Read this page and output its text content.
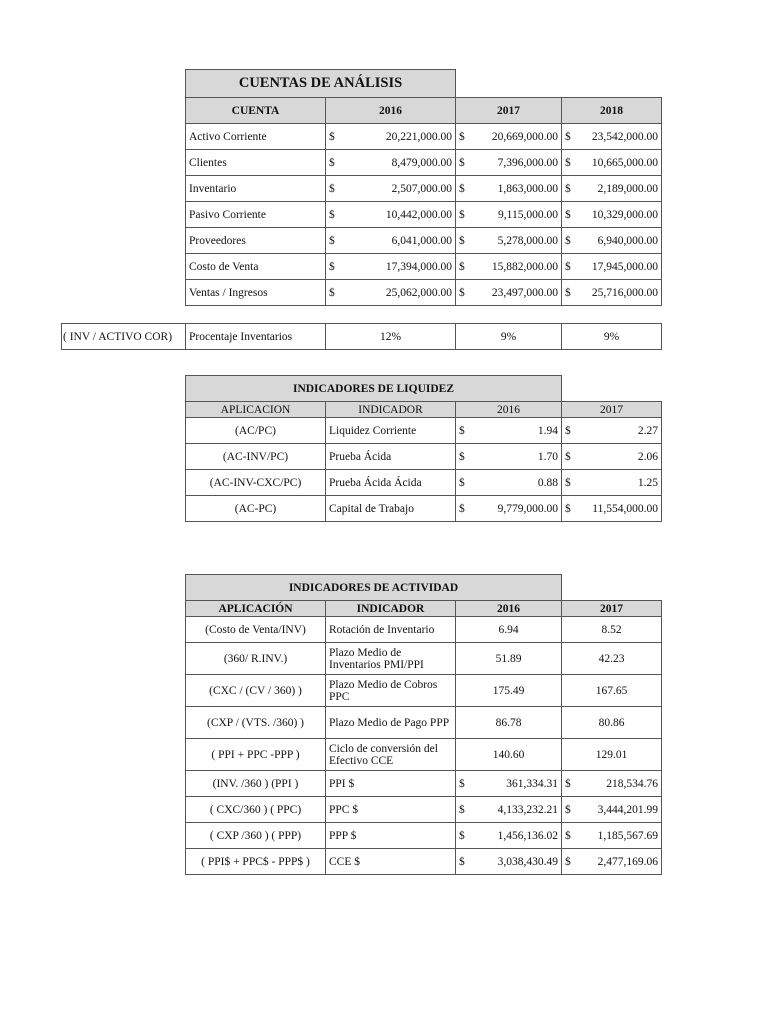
CUENTAS DE ANÁLISIS			
CUENTA	2016	2017	2018
Activo Corriente	$ 20,221,000.00	$ 20,669,000.00	$ 23,542,000.00

Clientes	$ 8,479,000.00	$ 7,396,000.00	$ 10,665,000.00

Inventario	$ 2,507,000.00	$ 1,863,000.00	$ 2,189,000.00

Pasivo Corriente	$ 10,442,000.00	$ 9,115,000.00	$ 10,329,000.00

Proveedores	$ 6,041,000.00	$ 5,278,000.00	$ 6,940,000.00

Costo de Venta	$ 17,394,000.00	$ 15,882,000.00	$ 17,945,000.00

Ventas / Ingresos	$ 25,062,000.00	$ 23,497,000.00	$ 25,716,000.00
( INV / ACTIVO COR)	Procentaje Inventarios	12%	9%	9%
INDICADORES DE LIQUIDEZ			
APLICACION	INDICADOR	2016	2017
(AC/PC)	Liquidez Corriente	$ 1.94	$ 2.27

(AC-INV/PC)	Prueba Ácida	$ 1.70	$ 2.06

(AC-INV-CXC/PC)	Prueba Ácida Ácida	$ 0.88	$ 1.25

(AC-PC)	Capital de Trabajo	$ 9,779,000.00	$ 11,554,000.00
INDICADORES DE ACTIVIDAD			
APLICACIÓN	INDICADOR	2016	2017
(Costo de Venta/INV)	Rotación de Inventario	6.94	8.52
(360/ R.INV.)	Plazo Medio de Inventarios PMI/PPI	51.89	42.23
(CXC / (CV / 360) )	Plazo Medio de Cobros PPC	175.49	167.65
(CXP / (VTS. /360) )	Plazo Medio de Pago PPP	86.78	80.86
( PPI + PPC -PPP )	Ciclo de conversión del Efectivo CCE	140.60	129.01
(INV. /360 ) (PPI )	PPI $	$ 361,334.31	$ 218,534.76

( CXC/360 ) ( PPC)	PPC $	$ 4,133,232.21	$ 3,444,201.99

( CXP /360 ) ( PPP)	PPP $	$ 1,456,136.02	$ 1,185,567.69

( PPI$ + PPC$ - PPP$ )	CCE $	$ 3,038,430.49	$ 2,477,169.06
